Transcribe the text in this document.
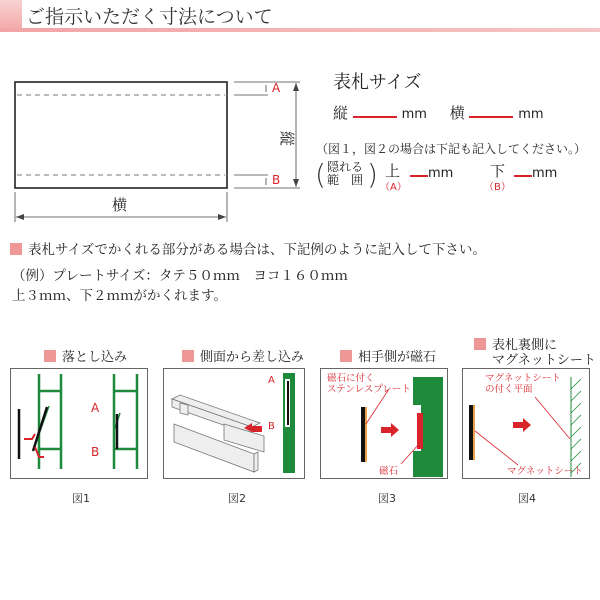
ご指示いただく寸法について
A
B
縦
横
表札サイズ
縦	mm 横	mm
（図１，図２の場合は下記も記入してください。）
( 隠れる
範　囲 ) 上
（A）
mm 下
（B）
mm
表札サイズでかくれる部分がある場合は、下記例のように記入して下さい。
（例）プレートサイズ：タテ５０ｍｍ　ヨコ１６０ｍｍ
上３ｍｍ、下２ｍｍがかくれます。
落とし込み	側面から差し込み	相手側が磁石
表札裏側に
マグネットシート
A
B
A
B
磁石に付く
ステンレスプレート
磁石
マグネットシート
の付く平面
マグネットシート
図1	図2	図3	図4
